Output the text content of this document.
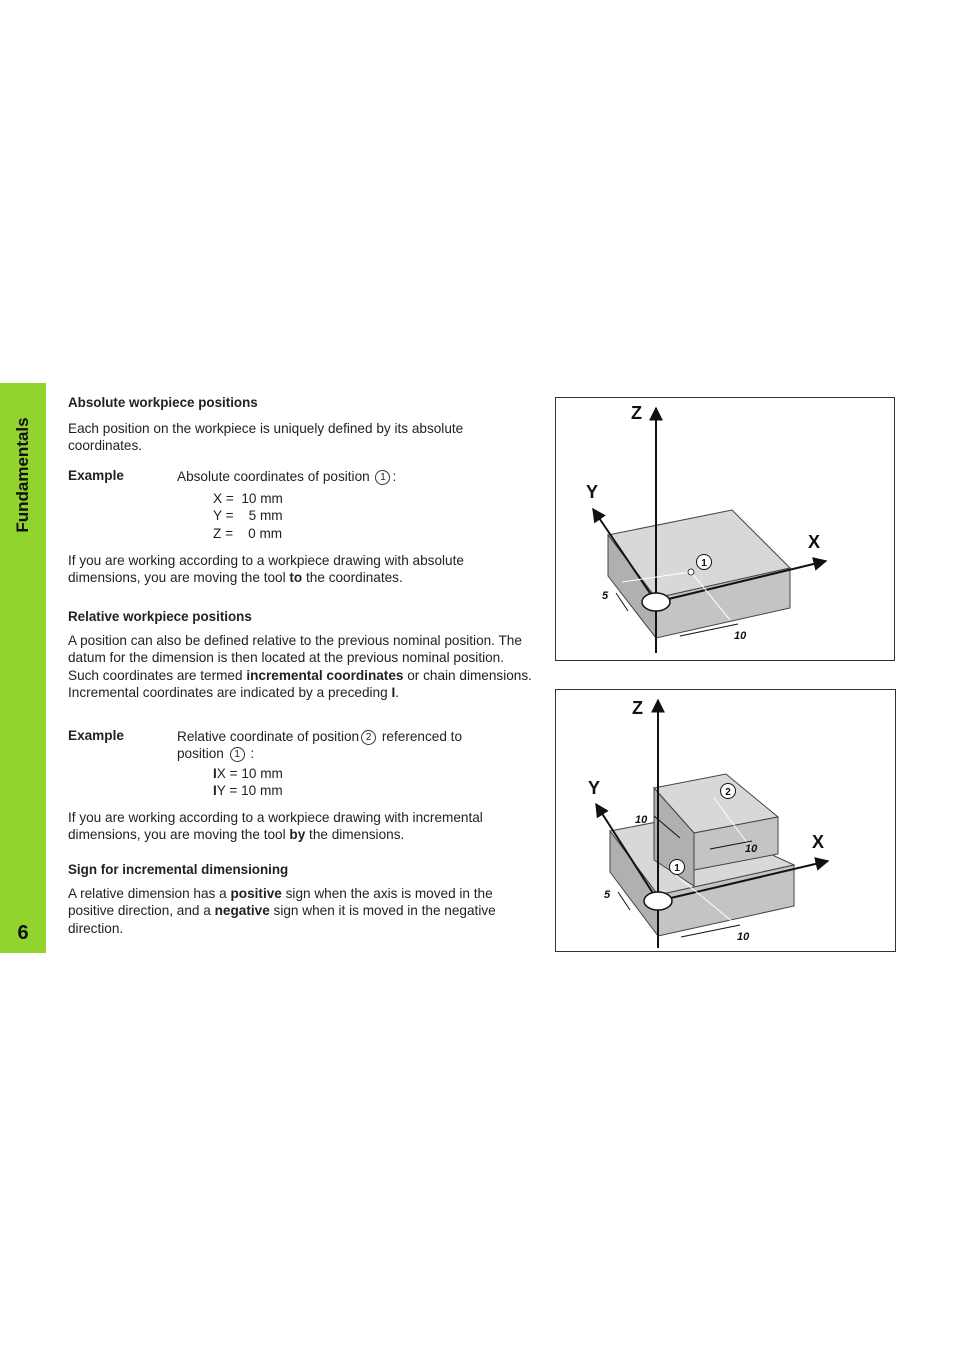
Fundamentals
6
Absolute workpiece positions
Each position on the workpiece is uniquely defined by its absolute coordinates.
Example	Absolute coordinates of position 1 :
X =  10 mm
Y =    5 mm
Z =    0 mm
If you are working according to a workpiece drawing with absolute dimensions, you are moving the tool to the coordinates.
Relative workpiece positions
A position can also be defined relative to the previous nominal position. The datum for the dimension is then located at the previous nominal position. Such coordinates are termed incremental coordinates or chain dimensions. Incremental coordinates are indicated by a preceding I.
Example	Relative coordinate of position 2 referenced to
position 1 :
IX = 10 mm
IY = 10 mm
If you are working according to a workpiece drawing with incremental dimensions, you are moving the tool by the dimensions.
Sign for incremental dimensioning
A relative dimension has a positive sign when the axis is moved in the positive direction, and a negative sign when it is moved in the negative direction.
1
Z
Y
X
5
10
2
1
Z
Y
X
5
10
10
10
